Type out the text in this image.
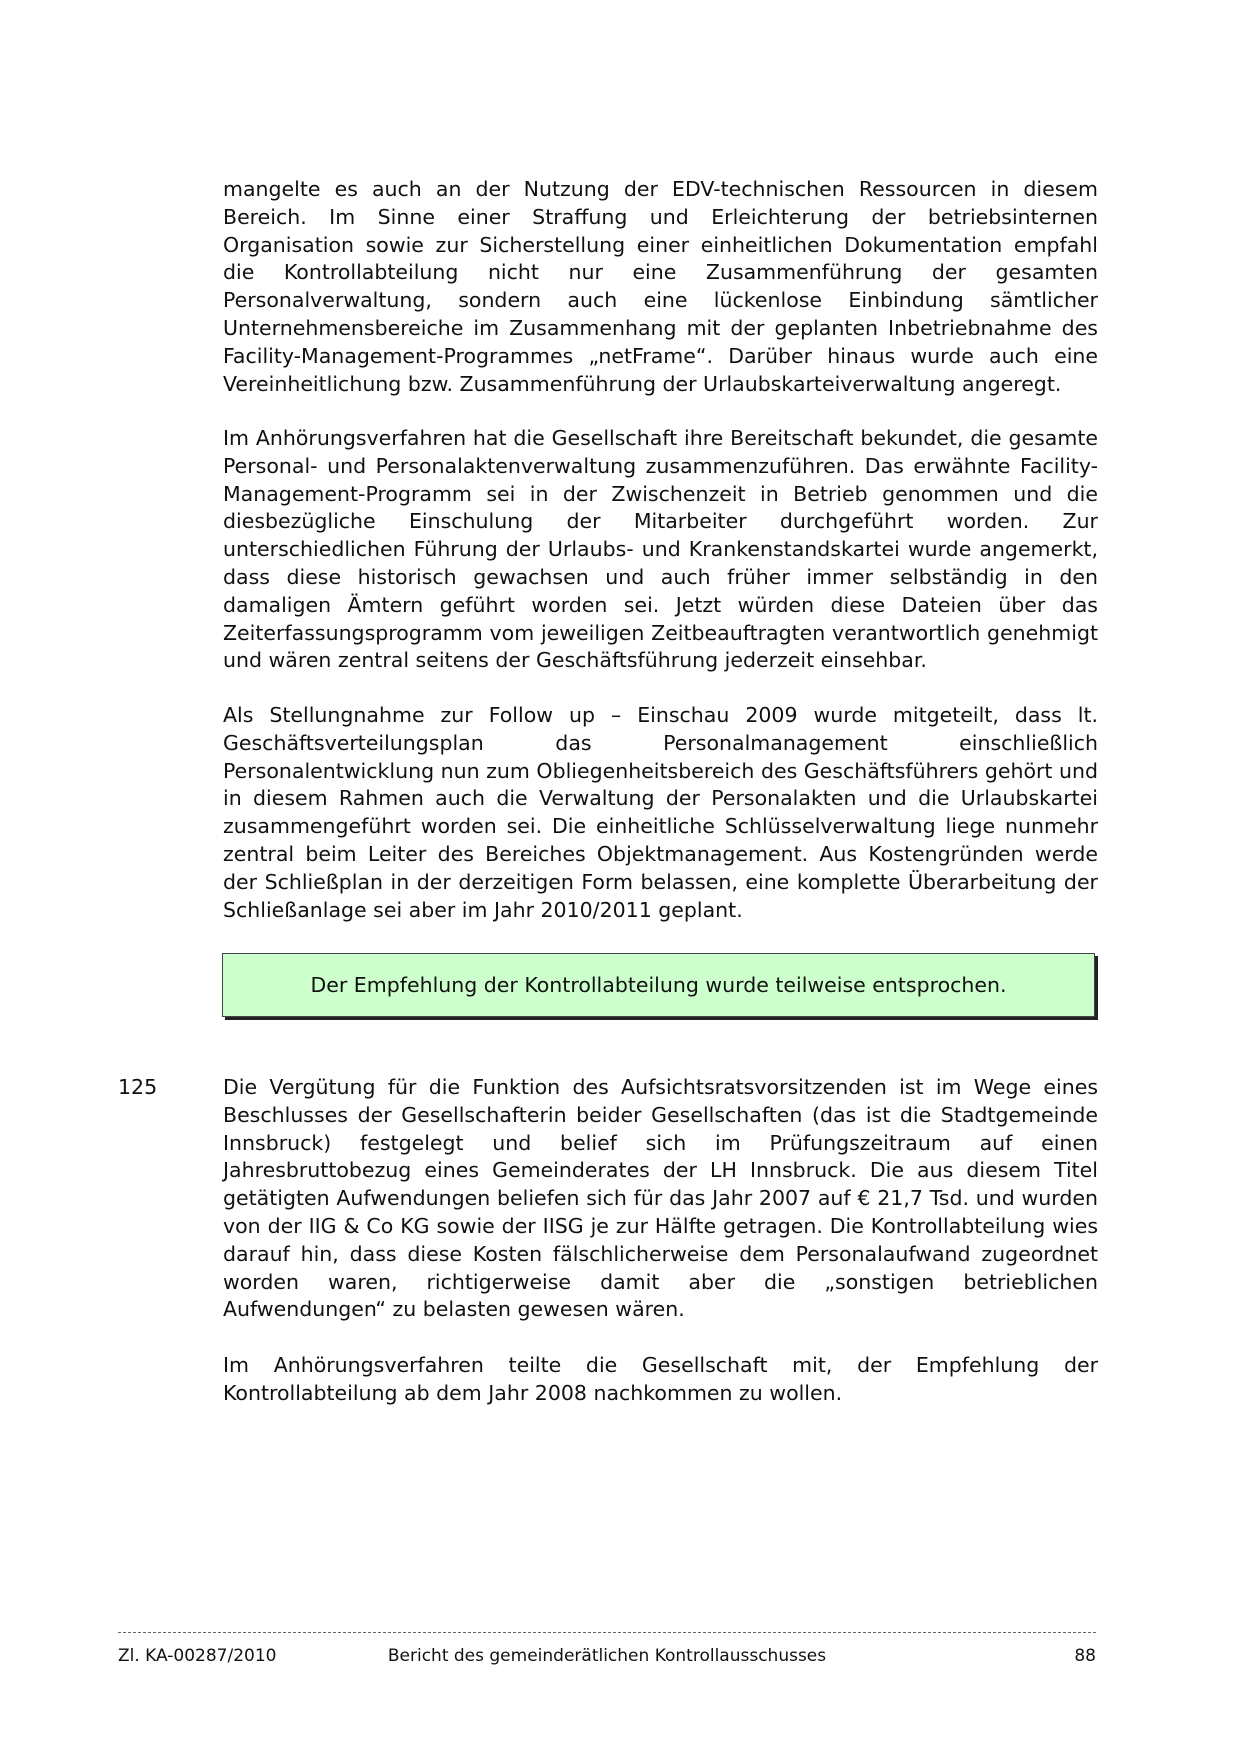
mangelte es auch an der Nutzung der EDV-technischen Ressourcen in diesem Bereich. Im Sinne einer Straffung und Erleichterung der betriebsinternen Organisation sowie zur Sicherstellung einer einheitlichen Dokumentation empfahl die Kontrollabteilung nicht nur eine Zusammenführung der gesamten Personalverwaltung, sondern auch eine lückenlose Einbindung sämtlicher Unternehmensbereiche im Zusammenhang mit der geplanten Inbetriebnahme des Facility-Management-Programmes „netFrame“. Darüber hinaus wurde auch eine Vereinheitlichung bzw. Zusammenführung der Urlaubskarteiverwaltung angeregt.

Im Anhörungsverfahren hat die Gesellschaft ihre Bereitschaft bekundet, die gesamte Personal- und Personalaktenverwaltung zusammenzuführen. Das erwähnte Facility-Management-Programm sei in der Zwischenzeit in Betrieb genommen und die diesbezügliche Einschulung der Mitarbeiter durchgeführt worden. Zur unterschiedlichen Führung der Urlaubs- und Krankenstandskartei wurde angemerkt, dass diese historisch gewachsen und auch früher immer selbständig in den damaligen Ämtern geführt worden sei. Jetzt würden diese Dateien über das Zeiterfassungsprogramm vom jeweiligen Zeitbeauftragten verantwortlich genehmigt und wären zentral seitens der Geschäftsführung jederzeit einsehbar.

Als Stellungnahme zur Follow up – Einschau 2009 wurde mitgeteilt, dass lt. Geschäftsverteilungsplan das Personalmanagement einschließlich Personalentwicklung nun zum Obliegenheitsbereich des Geschäftsführers gehört und in diesem Rahmen auch die Verwaltung der Personalakten und die Urlaubskartei zusammengeführt worden sei. Die einheitliche Schlüsselverwaltung liege nunmehr zentral beim Leiter des Bereiches Objektmanagement. Aus Kostengründen werde der Schließplan in der derzeitigen Form belassen, eine komplette Überarbeitung der Schließanlage sei aber im Jahr 2010/2011 geplant.

Der Empfehlung der Kontrollabteilung wurde teilweise entsprochen.

125	Die Vergütung für die Funktion des Aufsichtsratsvorsitzenden ist im Wege eines Beschlusses der Gesellschafterin beider Gesellschaften (das ist die Stadtgemeinde Innsbruck) festgelegt und belief sich im Prüfungszeitraum auf einen Jahresbruttobezug eines Gemeinderates der LH Innsbruck. Die aus diesem Titel getätigten Aufwendungen beliefen sich für das Jahr 2007 auf € 21,7 Tsd. und wurden von der IIG & Co KG sowie der IISG je zur Hälfte getragen. Die Kontrollabteilung wies darauf hin, dass diese Kosten fälschlicherweise dem Personalaufwand zugeordnet worden waren, richtigerweise damit aber die „sonstigen betrieblichen Aufwendungen“ zu belasten gewesen wären.

Im Anhörungsverfahren teilte die Gesellschaft mit, der Empfehlung der Kontrollabteilung ab dem Jahr 2008 nachkommen zu wollen.

Zl. KA-00287/2010	Bericht des gemeinderätlichen Kontrollausschusses	88
